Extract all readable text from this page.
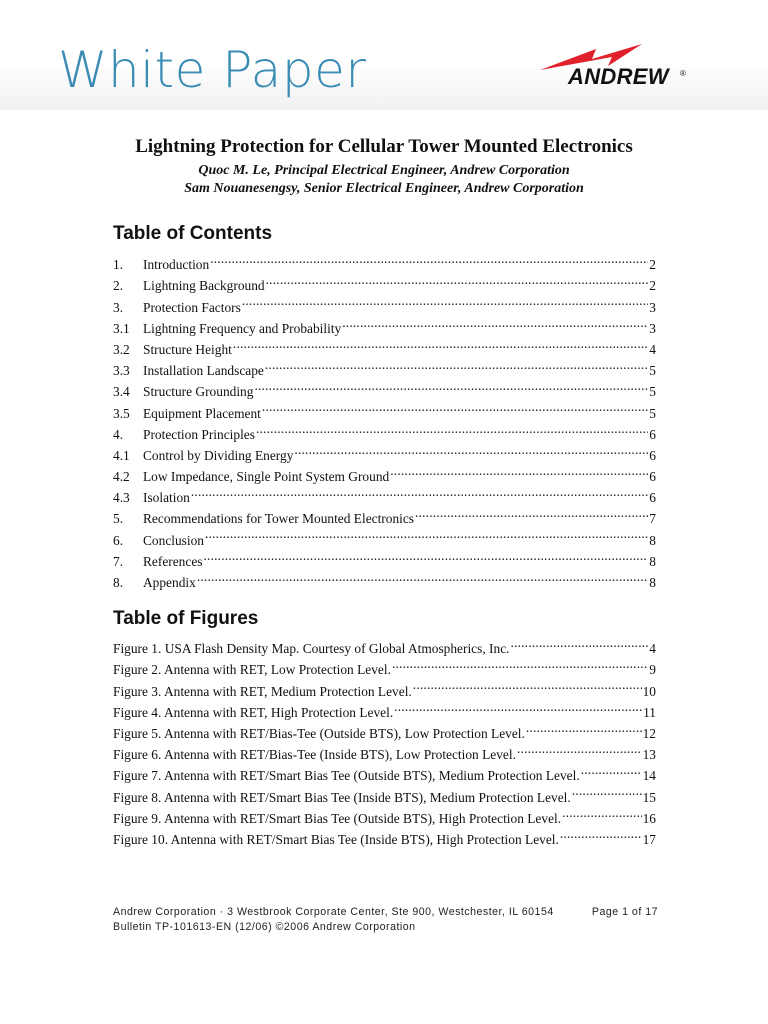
White Paper	ANDREW ®
Lightning Protection for Cellular Tower Mounted Electronics
Quoc M. Le, Principal Electrical Engineer, Andrew Corporation
Sam Nouanesengsy, Senior Electrical Engineer, Andrew Corporation
Table of Contents
1.	Introduction .....	2
2.	Lightning Background .....	2
3.	Protection Factors .....	3
3.1 Lightning Frequency and Probability .....	3
3.2 Structure Height .....	4
3.3 Installation Landscape .....	5
3.4 Structure Grounding .....	5
3.5 Equipment Placement .....	5
4.	Protection Principles .....	6
4.1 Control by Dividing Energy .....	6
4.2 Low Impedance, Single Point System Ground .....	6
4.3 Isolation .....	6
5.	Recommendations for Tower Mounted Electronics .....	7
6.	Conclusion .....	8
7.	References .....	8
8.	Appendix .....	8
Table of Figures
Figure 1. USA Flash Density Map. Courtesy of Global Atmospherics, Inc. .....	4
Figure 2. Antenna with RET, Low Protection Level. .....	9
Figure 3. Antenna with RET, Medium Protection Level. .....	10
Figure 4. Antenna with RET, High Protection Level. .....	11
Figure 5. Antenna with RET/Bias-Tee (Outside BTS), Low Protection Level. .....	12
Figure 6. Antenna with RET/Bias-Tee (Inside BTS), Low Protection Level. .....	13
Figure 7. Antenna with RET/Smart Bias Tee (Outside BTS), Medium Protection Level. .....	14
Figure 8. Antenna with RET/Smart Bias Tee (Inside BTS), Medium Protection Level. .....	15
Figure 9. Antenna with RET/Smart Bias Tee (Outside BTS), High Protection Level. .....	16
Figure 10. Antenna with RET/Smart Bias Tee (Inside BTS), High Protection Level. .....	17
Andrew Corporation · 3 Westbrook Corporate Center, Ste 900, Westchester, IL 60154	Page 1 of 17
Bulletin TP-101613-EN (12/06) ©2006 Andrew Corporation
